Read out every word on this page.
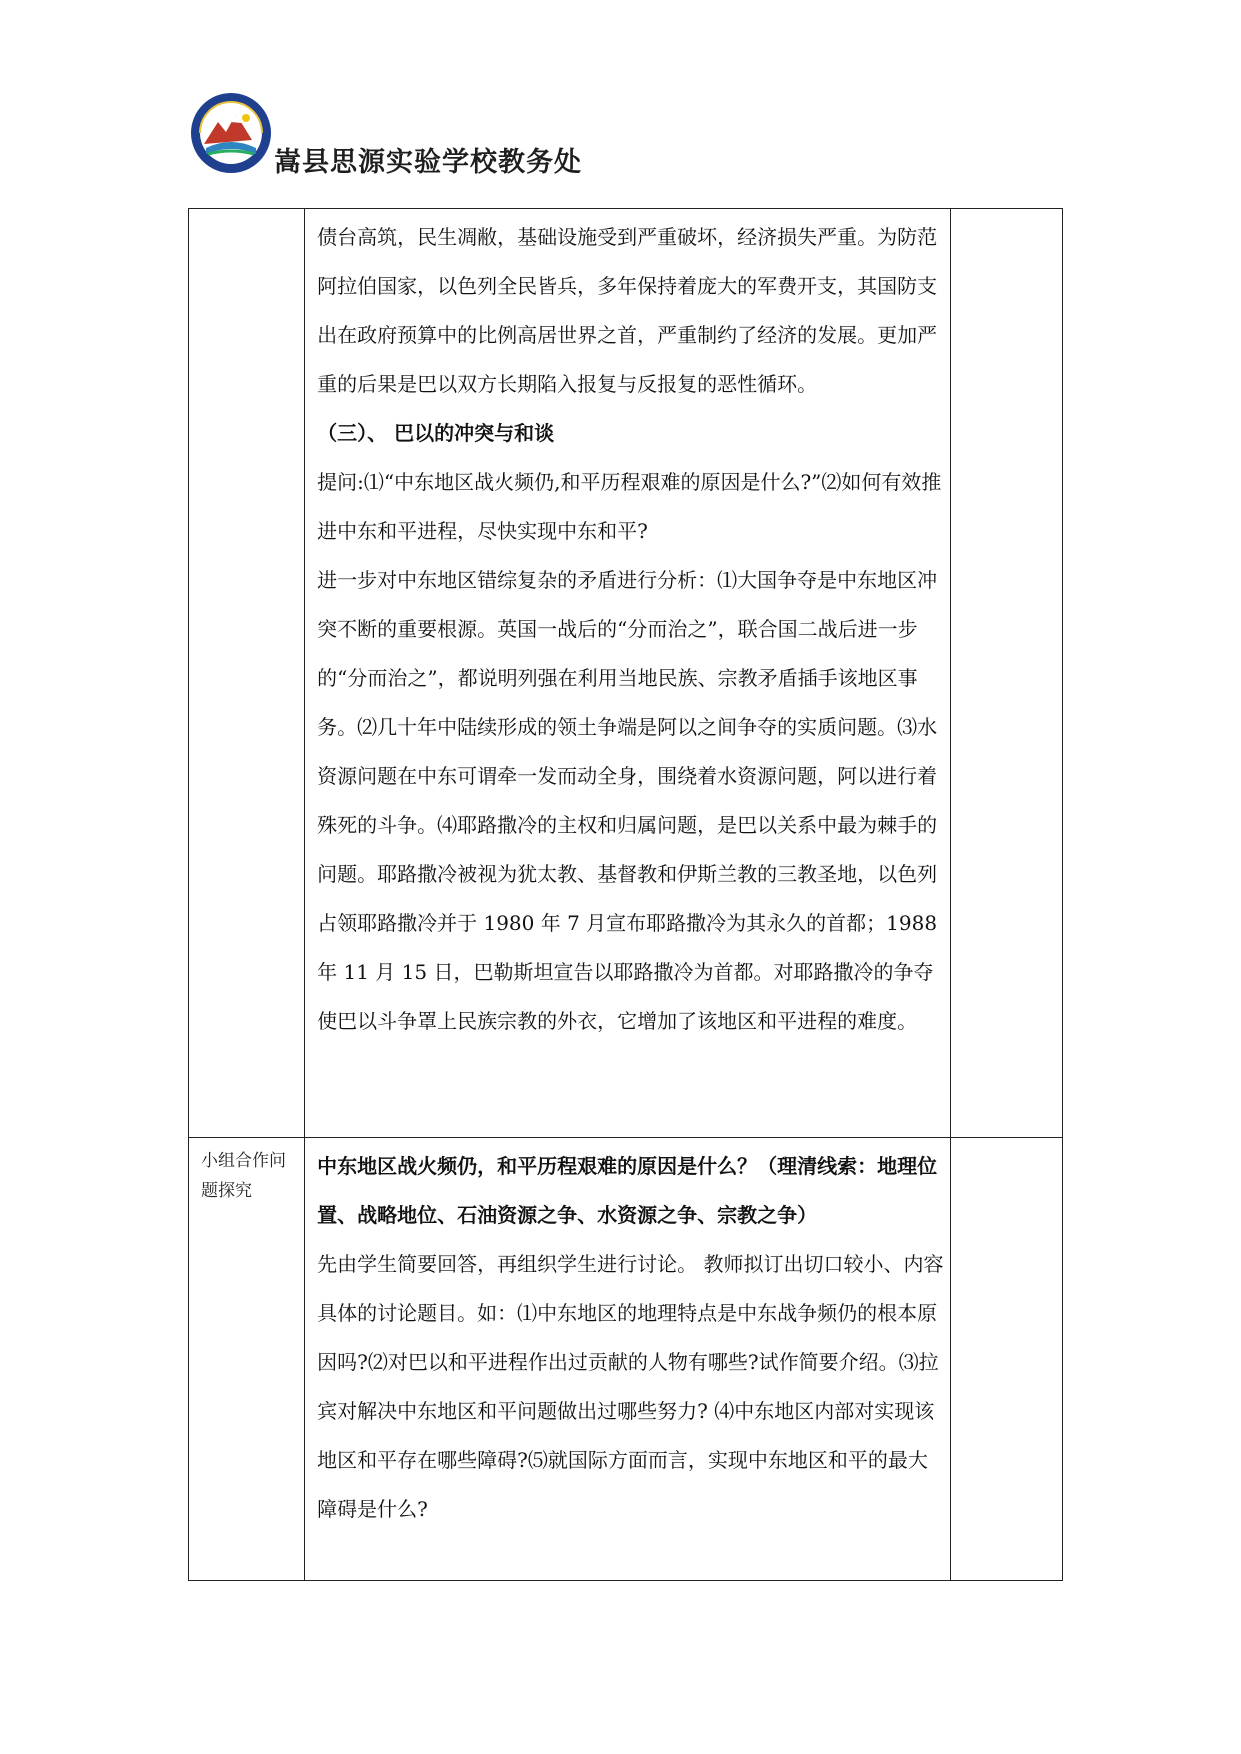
嵩县思源实验学校教务处

	债台高筑，民生凋敝，基础设施受到严重破坏，经济损失严重。为防范阿拉伯国家，以色列全民皆兵，多年保持着庞大的军费开支，其国防支出在政府预算中的比例高居世界之首，严重制约了经济的发展。更加严重的后果是巴以双方长期陷入报复与反报复的恶性循环。

（三）、 巴以的冲突与和谈

提问:⑴“中东地区战火频仍,和平历程艰难的原因是什么?”⑵如何有效推进中东和平进程，尽快实现中东和平?

进一步对中东地区错综复杂的矛盾进行分析：⑴大国争夺是中东地区冲突不断的重要根源。英国一战后的“分而治之”，联合国二战后进一步的“分而治之”，都说明列强在利用当地民族、宗教矛盾插手该地区事务。⑵几十年中陆续形成的领土争端是阿以之间争夺的实质问题。⑶水资源问题在中东可谓牵一发而动全身，围绕着水资源问题，阿以进行着殊死的斗争。⑷耶路撒冷的主权和归属问题，是巴以关系中最为棘手的问题。耶路撒冷被视为犹太教、基督教和伊斯兰教的三教圣地，以色列占领耶路撒冷并于 1980 年 7 月宣布耶路撒冷为其永久的首都；1988 年 11 月 15 日，巴勒斯坦宣告以耶路撒冷为首都。对耶路撒冷的争夺使巴以斗争罩上民族宗教的外衣，它增加了该地区和平进程的难度。	

小组合作问题探究	中东地区战火频仍，和平历程艰难的原因是什么？（理清线索：地理位置、战略地位、石油资源之争、水资源之争、宗教之争）

先由学生简要回答，再组织学生进行讨论。 教师拟订出切口较小、内容具体的讨论题目。如：⑴中东地区的地理特点是中东战争频仍的根本原因吗?⑵对巴以和平进程作出过贡献的人物有哪些?试作简要介绍。⑶拉宾对解决中东地区和平问题做出过哪些努力? ⑷中东地区内部对实现该地区和平存在哪些障碍?⑸就国际方面而言，实现中东地区和平的最大障碍是什么?	
